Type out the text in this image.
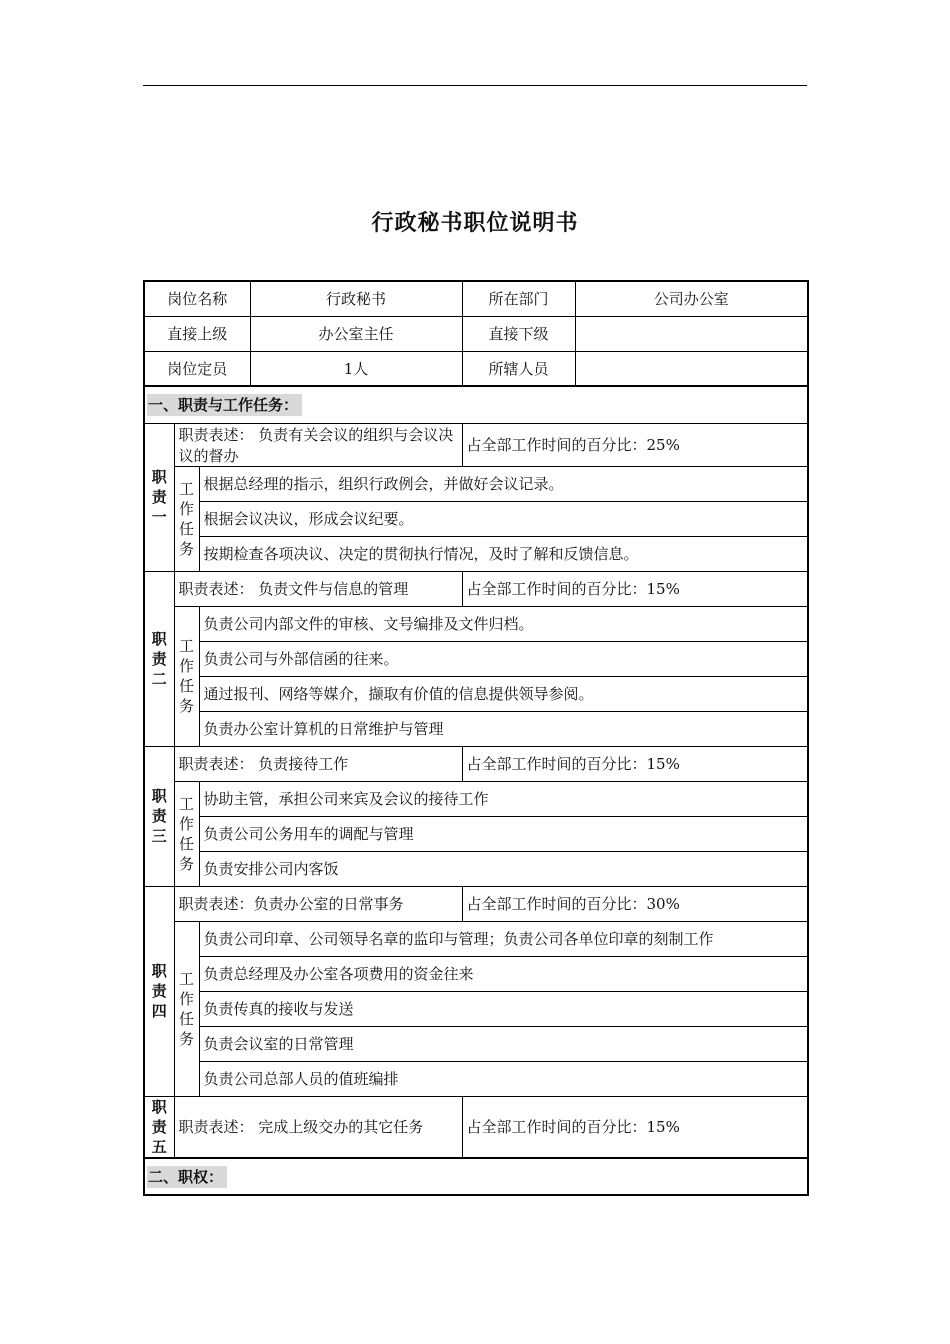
行政秘书职位说明书
岗位名称			行政秘书	所在部门	公司办公室
直接上级			办公室主任	直接下级	
岗位定员			1人	所辖人员	
一、职责与工作任务：					
职责一	职责表述： 负责有关会议的组织与会议决议的督办			占全部工作时间的百分比：25%	
	工作任务	根据总经理的指示，组织行政例会，并做好会议记录。			
		根据会议决议，形成会议纪要。			
		按期检查各项决议、决定的贯彻执行情况，及时了解和反馈信息。			
职责二	职责表述： 负责文件与信息的管理			占全部工作时间的百分比：15%	
	工作任务	负责公司内部文件的审核、文号编排及文件归档。			
		负责公司与外部信函的往来。			
		通过报刊、网络等媒介，撷取有价值的信息提供领导参阅。			
		负责办公室计算机的日常维护与管理			
职责三	职责表述： 负责接待工作			占全部工作时间的百分比：15%	
	工作任务	协助主管，承担公司来宾及会议的接待工作			
		负责公司公务用车的调配与管理			
		负责安排公司内客饭			
职责四	职责表述：负责办公室的日常事务			占全部工作时间的百分比：30%	
	工作任务	负责公司印章、公司领导名章的监印与管理；负责公司各单位印章的刻制工作			
		负责总经理及办公室各项费用的资金往来			
		负责传真的接收与发送			
		负责会议室的日常管理			
		负责公司总部人员的值班编排			
职责五	职责表述： 完成上级交办的其它任务			占全部工作时间的百分比：15%	
二、职权：					
